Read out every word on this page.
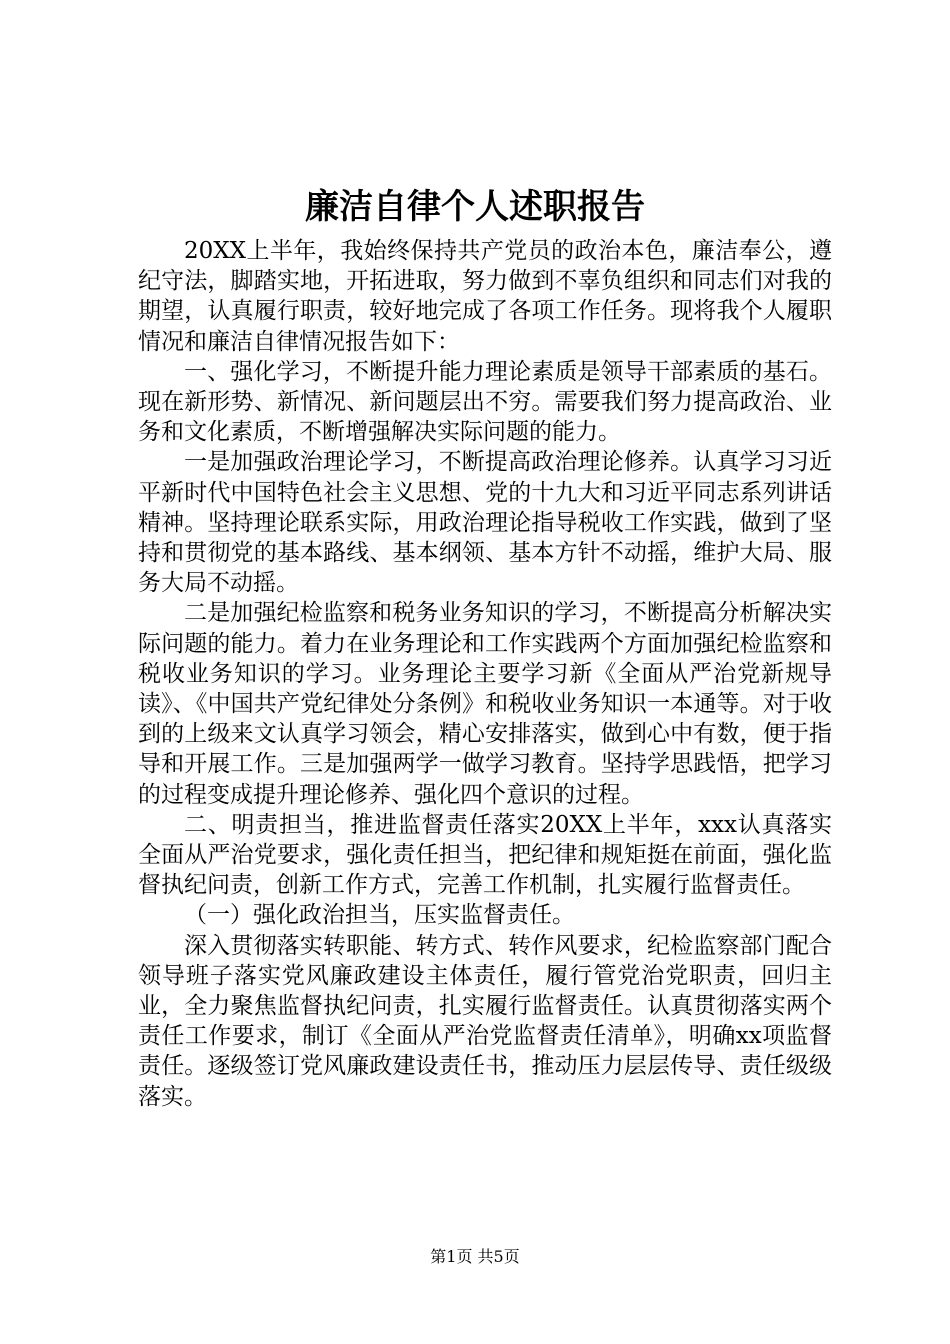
廉洁自律个人述职报告

20XX上半年，我始终保持共产党员的政治本色，廉洁奉公，遵纪守法，脚踏实地，开拓进取，努力做到不辜负组织和同志们对我的期望，认真履行职责，较好地完成了各项工作任务。现将我个人履职情况和廉洁自律情况报告如下：

一、强化学习，不断提升能力理论素质是领导干部素质的基石。现在新形势、新情况、新问题层出不穷。需要我们努力提高政治、业务和文化素质，不断增强解决实际问题的能力。

一是加强政治理论学习，不断提高政治理论修养。认真学习习近平新时代中国特色社会主义思想、党的十九大和习近平同志系列讲话精神。坚持理论联系实际，用政治理论指导税收工作实践，做到了坚持和贯彻党的基本路线、基本纲领、基本方针不动摇，维护大局、服务大局不动摇。

二是加强纪检监察和税务业务知识的学习，不断提高分析解决实际问题的能力。着力在业务理论和工作实践两个方面加强纪检监察和税收业务知识的学习。业务理论主要学习新《全面从严治党新规导读》、《中国共产党纪律处分条例》和税收业务知识一本通等。对于收到的上级来文认真学习领会，精心安排落实，做到心中有数，便于指导和开展工作。三是加强两学一做学习教育。坚持学思践悟，把学习的过程变成提升理论修养、强化四个意识的过程。

二、明责担当，推进监督责任落实20XX上半年，xxx认真落实全面从严治党要求，强化责任担当，把纪律和规矩挺在前面，强化监督执纪问责，创新工作方式，完善工作机制，扎实履行监督责任。

（一）强化政治担当，压实监督责任。

深入贯彻落实转职能、转方式、转作风要求，纪检监察部门配合领导班子落实党风廉政建设主体责任，履行管党治党职责，回归主业，全力聚焦监督执纪问责，扎实履行监督责任。认真贯彻落实两个责任工作要求，制订《全面从严治党监督责任清单》，明确xx项监督责任。逐级签订党风廉政建设责任书，推动压力层层传导、责任级级落实。

第1页 共5页
